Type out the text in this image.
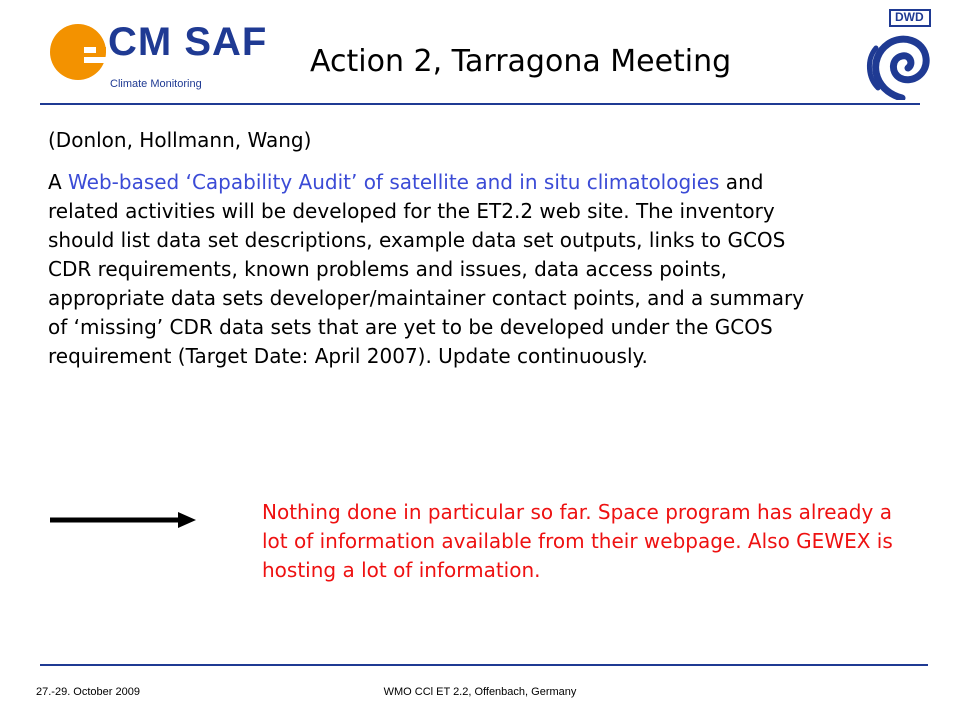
CM SAF
Climate Monitoring
Action 2, Tarragona Meeting
DWD
(Donlon, Hollmann, Wang)
A Web-based ‘Capability Audit’ of satellite and in situ climatologies and related activities will be developed for the ET2.2 web site. The inventory should list data set descriptions, example data set outputs, links to GCOS CDR requirements, known problems and issues, data access points, appropriate data sets developer/maintainer contact points, and a summary of ‘missing’ CDR data sets that are yet to be developed under the GCOS requirement (Target Date: April 2007). Update continuously.
Nothing done in particular so far. Space program has already a lot of information available from their webpage. Also GEWEX is hosting a lot of information.
27.-29. October 2009	WMO CCl ET 2.2, Offenbach, Germany
